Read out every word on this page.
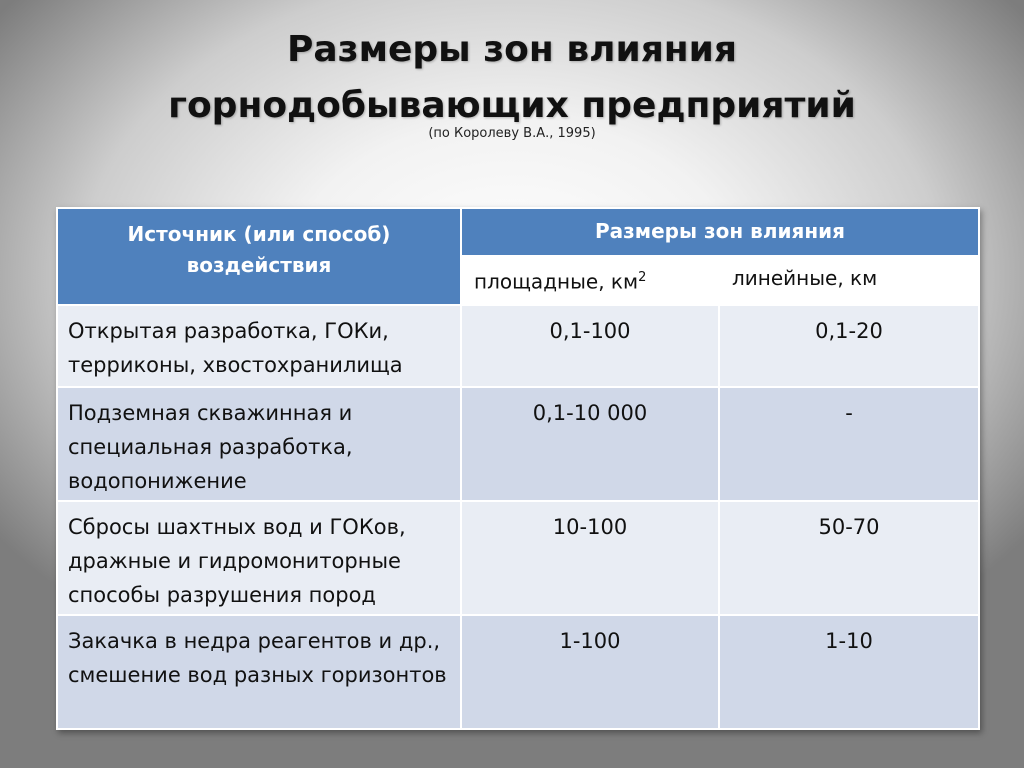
Размеры зон влияния
горнодобывающих предприятий
(по Королеву В.А., 1995)
Источник (или способ) воздействия	Размеры зон влияния	
	площадные, $км^2$	линейные, км
Открытая разработка, ГОКи, терриконы, хвостохранилища	0,1-100	0,1-20
Подземная скважинная и специальная разработка, водопонижение	0,1-10 000	-
Сбросы шахтных вод и ГОКов, дражные и гидромониторные способы разрушения пород	10-100	50-70
Закачка в недра реагентов и др., смешение вод разных горизонтов	1-100	1-10
